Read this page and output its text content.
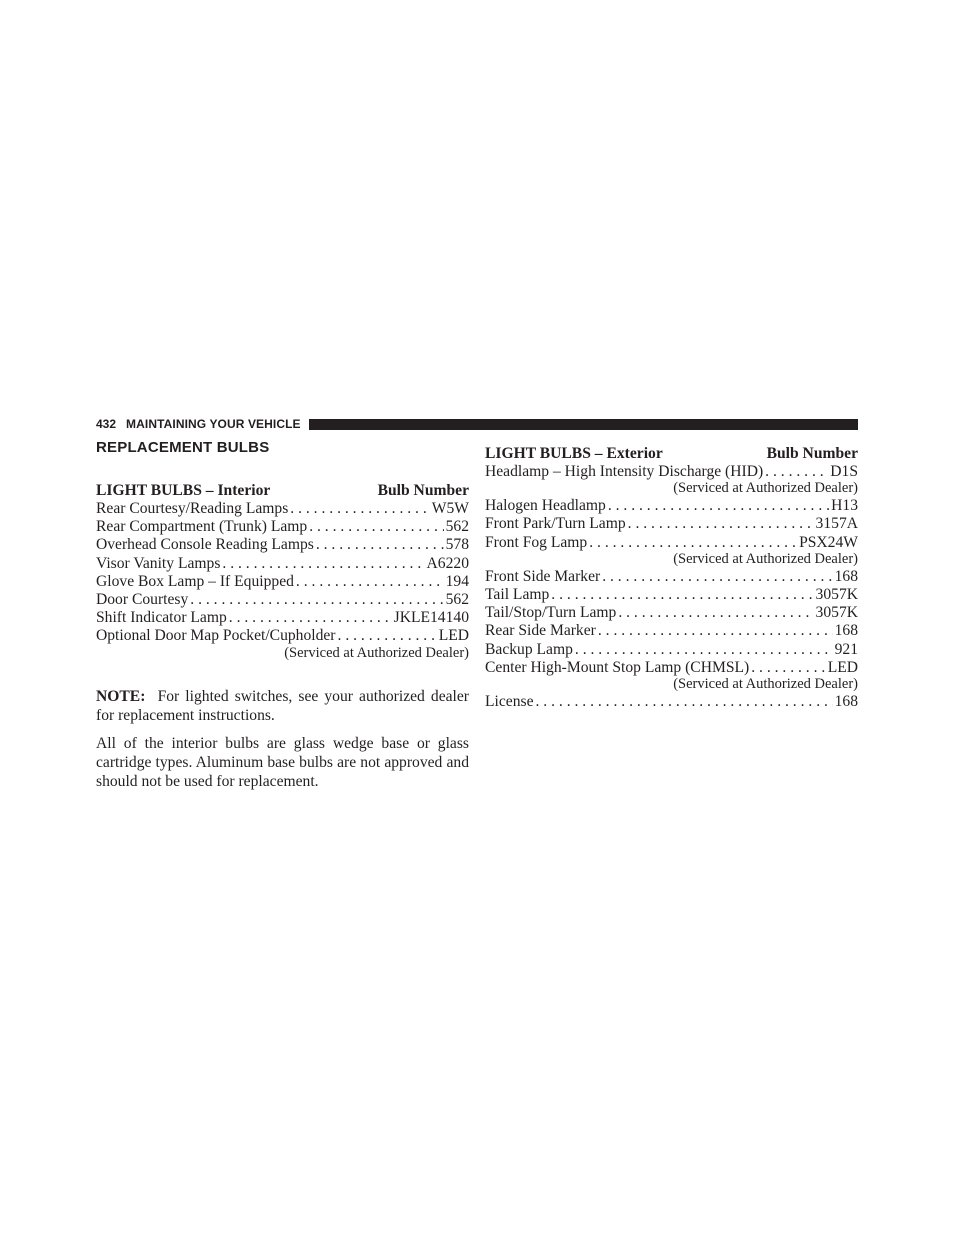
432 MAINTAINING YOUR VEHICLE
REPLACEMENT BULBS
LIGHT BULBS – Interior	Bulb Number
Rear Courtesy/Reading Lamps . . .	W5W
Rear Compartment (Trunk) Lamp . . .	562
Overhead Console Reading Lamps . . .	578
Visor Vanity Lamps . . .	A6220
Glove Box Lamp – If Equipped . . .	194
Door Courtesy . . .	562
Shift Indicator Lamp . . .	JKLE14140
Optional Door Map Pocket/Cupholder . . .	LED
(Serviced at Authorized Dealer)
NOTE: For lighted switches, see your authorized dealer for replacement instructions.
All of the interior bulbs are glass wedge base or glass cartridge types. Aluminum base bulbs are not approved and should not be used for replacement.
LIGHT BULBS – Exterior	Bulb Number
Headlamp – High Intensity Discharge (HID) . . .	D1S
(Serviced at Authorized Dealer)
Halogen Headlamp . . .	H13
Front Park/Turn Lamp . . .	3157A
Front Fog Lamp . . .	PSX24W
(Serviced at Authorized Dealer)
Front Side Marker . . .	168
Tail Lamp . . .	3057K
Tail/Stop/Turn Lamp . . .	3057K
Rear Side Marker . . .	168
Backup Lamp . . .	921
Center High-Mount Stop Lamp (CHMSL) . . .	LED
(Serviced at Authorized Dealer)
License . . .	168
